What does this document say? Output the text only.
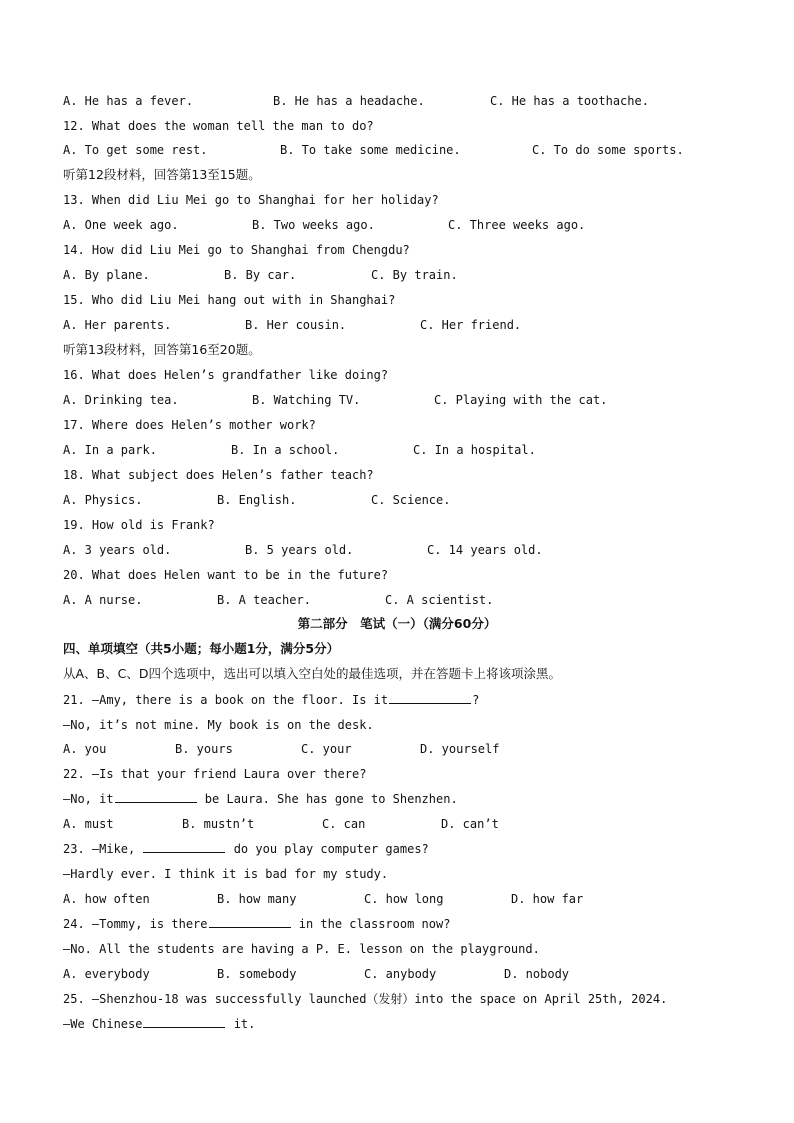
A. He has a fever.

	B. He has a headache.

	C. He has a toothache.

12. What does the woman tell the man to do?

A. To get some rest.

	B. To take some medicine.

	C. To do some sports.

听第12段材料，回答第13至15题。
13. When did Liu Mei go to Shanghai for her holiday?

A. One week ago.

	B. Two weeks ago.

	C. Three weeks ago.

14. How did Liu Mei go to Shanghai from Chengdu?

A. By plane.

	B. By car.

	C. By train.

15. Who did Liu Mei hang out with in Shanghai?

A. Her parents.

	B. Her cousin.

	C. Her friend.

听第13段材料，回答第16至20题。
16. What does Helen’s grandfather like doing?

A. Drinking tea.

	B. Watching TV.

	C. Playing with the cat.

17. Where does Helen’s mother work?

A. In a park.

	B. In a school.

	C. In a hospital.

18. What subject does Helen’s father teach?

A. Physics.

	B. English.

	C. Science.

19. How old is Frank?

A. 3 years old.

	B. 5 years old.

	C. 14 years old.

20. What does Helen want to be in the future?

A. A nurse.

	B. A teacher.

	C. A scientist.

第二部分　笔试（一）（满分60分）
四、单项填空（共5小题；每小题1分，满分5分）
从A、B、C、D四个选项中，选出可以填入空白处的最佳选项，并在答题卡上将该项涂黑。
21. —Amy, there is a book on the floor. Is it	?
—No, it’s not mine. My book is on the desk.

A. you

	B. yours

	C. your

	D. yourself

22. —Is that your friend Laura over there?
—No, it	be Laura. She has gone to Shenzhen.

A. must

	B. mustn’t

	C. can

	D. can’t

23. —Mike,	do you play computer games?
—Hardly ever. I think it is bad for my study.

A. how often

	B. how many

	C. how long

	D. how far

24. —Tommy, is there	in the classroom now?
—No. All the students are having a P. E. lesson on the playground.

A. everybody

	B. somebody

	C. anybody

	D. nobody

25. —Shenzhou-18 was successfully launched（发射）into the space on April 25th, 2024.
—We Chinese	it.
